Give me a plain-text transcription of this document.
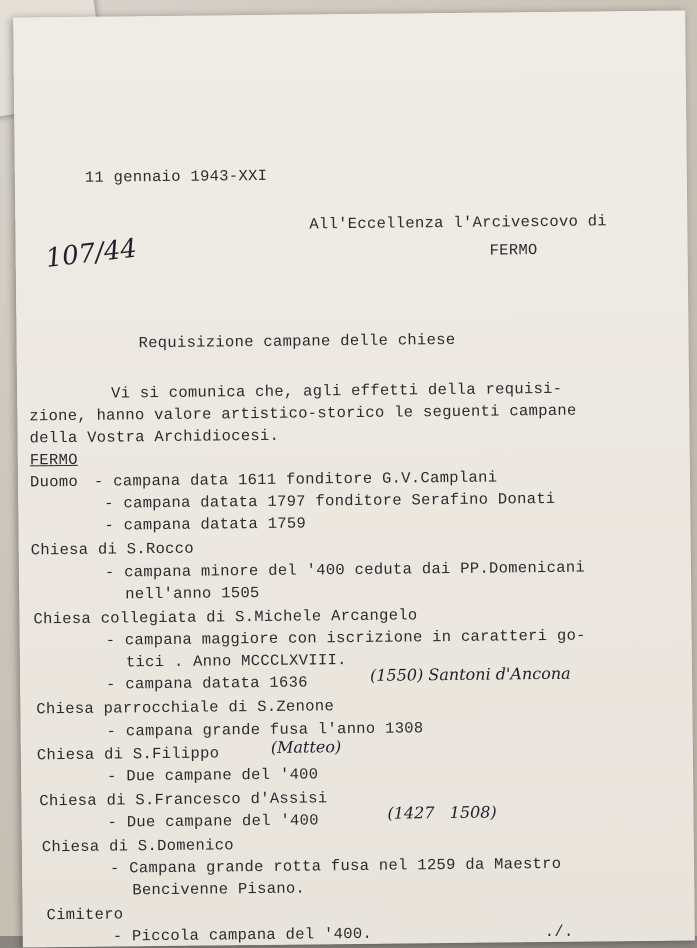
11 gennaio 1943-XXI
107/44
All'Eccellenza l'Arcivescovo di
FERMO
Requisizione campane delle chiese
Vi si comunica che, agli effetti della requisi-
zione, hanno valore artistico-storico le seguenti campane
della Vostra Archidiocesi.
FERMO
Duomo - campana data 1611 fonditore G.V.Camplani
- campana datata 1797 fonditore Serafino Donati
- campana datata 1759
Chiesa di S.Rocco
- campana minore del '400 ceduta dai PP.Domenicani
nell'anno 1505
Chiesa collegiata di S.Michele Arcangelo
- campana maggiore con iscrizione in caratteri go-
tici . Anno MCCCLXVIII.
- campana datata 1636	(1550) Santoni d'Ancona
Chiesa parrocchiale di S.Zenone
- campana grande fusa l'anno 1308
Chiesa di S.Filippo	(Matteo)
- Due campane del '400
Chiesa di S.Francesco d'Assisi
- Due campane del '400	(1427   1508)
Chiesa di S.Domenico
- Campana grande rotta fusa nel 1259 da Maestro
Bencivenne Pisano.
Cimitero
- Piccola campana del '400.	./.
